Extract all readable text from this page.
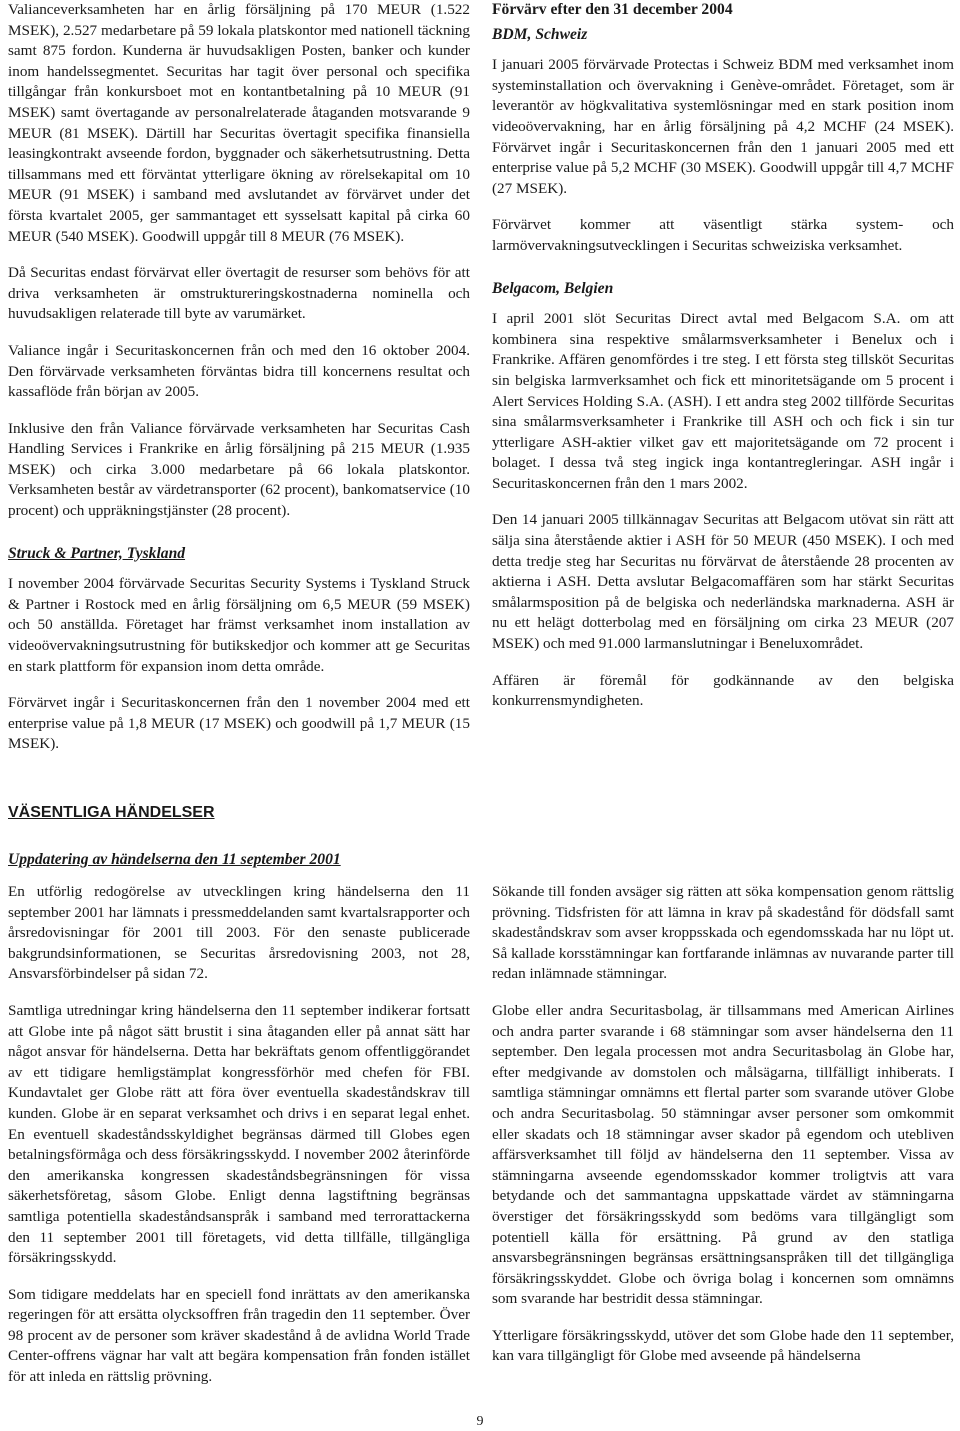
Valianceverksamheten har en årlig försäljning på 170 MEUR (1.522 MSEK), 2.527 medarbetare på 59 lokala platskontor med nationell täckning samt 875 fordon. Kunderna är huvudsakligen Posten, banker och kunder inom handelssegmentet. Securitas har tagit över personal och specifika tillgångar från konkursboet mot en kontantbetalning på 10 MEUR (91 MSEK) samt övertagande av personalrelaterade åtaganden motsvarande 9 MEUR (81 MSEK). Därtill har Securitas övertagit specifika finansiella leasingkontrakt avseende fordon, byggnader och säkerhetsutrustning. Detta tillsammans med ett förväntat ytterligare ökning av rörelsekapital om 10 MEUR (91 MSEK) i samband med avslutandet av förvärvet under det första kvartalet 2005, ger sammantaget ett sysselsatt kapital på cirka 60 MEUR (540 MSEK). Goodwill uppgår till 8 MEUR (76 MSEK).

Då Securitas endast förvärvat eller övertagit de resurser som behövs för att driva verksamheten är omstruktureringskostnaderna nominella och huvudsakligen relaterade till byte av varumärket.

Valiance ingår i Securitaskoncernen från och med den 16 oktober 2004. Den förvärvade verksamheten förväntas bidra till koncernens resultat och kassaflöde från början av 2005.

Inklusive den från Valiance förvärvade verksamheten har Securitas Cash Handling Services i Frankrike en årlig försäljning på 215 MEUR (1.935 MSEK) och cirka 3.000 medarbetare på 66 lokala platskontor. Verksamheten består av värdetransporter (62 procent), bankomatservice (10 procent) och uppräkningstjänster (28 procent).

Struck & Partner, Tyskland

I november 2004 förvärvade Securitas Security Systems i Tyskland Struck & Partner i Rostock med en årlig försäljning om 6,5 MEUR (59 MSEK) och 50 anställda. Företaget har främst verksamhet inom installation av videoövervakningsutrustning för butikskedjor och kommer att ge Securitas en stark plattform för expansion inom detta område.

Förvärvet ingår i Securitaskoncernen från den 1 november 2004 med ett enterprise value på 1,8 MEUR (17 MSEK) och goodwill på 1,7 MEUR (15 MSEK).

Förvärv efter den 31 december 2004
BDM, Schweiz

I januari 2005 förvärvade Protectas i Schweiz BDM med verksamhet inom systeminstallation och övervakning i Genève-området. Företaget, som är leverantör av högkvalitativa systemlösningar med en stark position inom videoövervakning, har en årlig försäljning på 4,2 MCHF (24 MSEK). Förvärvet ingår i Securitaskoncernen från den 1 januari 2005 med ett enterprise value på 5,2 MCHF (30 MSEK). Goodwill uppgår till 4,7 MCHF (27 MSEK).

Förvärvet kommer att väsentligt stärka system- och larmövervakningsutvecklingen i Securitas schweiziska verksamhet.

Belgacom, Belgien

I april 2001 slöt Securitas Direct avtal med Belgacom S.A. om att kombinera sina respektive smålarmsverksamheter i Benelux och i Frankrike. Affären genomfördes i tre steg. I ett första steg tillsköt Securitas sin belgiska larmverksamhet och fick ett minoritetsägande om 5 procent i Alert Services Holding S.A. (ASH). I ett andra steg 2002 tillförde Securitas sina smålarmsverksamheter i Frankrike till ASH och och fick i sin tur ytterligare ASH-aktier vilket gav ett majoritetsägande om 72 procent i bolaget. I dessa två steg ingick inga kontantregleringar. ASH ingår i Securitaskoncernen från den 1 mars 2002.

Den 14 januari 2005 tillkännagav Securitas att Belgacom utövat sin rätt att sälja sina återstående aktier i ASH för 50 MEUR (450 MSEK). I och med detta tredje steg har Securitas nu förvärvat de återstående 28 procenten av aktierna i ASH. Detta avslutar Belgacomaffären som har stärkt Securitas smålarmsposition på de belgiska och nederländska marknaderna. ASH är nu ett helägt dotterbolag med en försäljning om cirka 23 MEUR (207 MSEK) och med 91.000 larmanslutningar i Beneluxområdet.

Affären är föremål för godkännande av den belgiska konkurrensmyndigheten.

VÄSENTLIGA HÄNDELSER
Uppdatering av händelserna den 11 september 2001

En utförlig redogörelse av utvecklingen kring händelserna den 11 september 2001 har lämnats i pressmeddelanden samt kvartalsrapporter och årsredovisningar för 2001 till 2003. För den senaste publicerade bakgrundsinformationen, se Securitas årsredovisning 2003, not 28, Ansvarsförbindelser på sidan 72.

Samtliga utredningar kring händelserna den 11 september indikerar fortsatt att Globe inte på något sätt brustit i sina åtaganden eller på annat sätt har något ansvar för händelserna. Detta har bekräftats genom offentliggörandet av ett tidigare hemligstämplat kongressförhör med chefen för FBI. Kundavtalet ger Globe rätt att föra över eventuella skadeståndskrav till kunden. Globe är en separat verksamhet och drivs i en separat legal enhet. En eventuell skadeståndsskyldighet begränsas därmed till Globes egen betalningsförmåga och dess försäkringsskydd. I november 2002 återinförde den amerikanska kongressen skadeståndsbegränsningen för vissa säkerhetsföretag, såsom Globe. Enligt denna lagstiftning begränsas samtliga potentiella skadeståndsanspråk i samband med terrorattackerna den 11 september 2001 till företagets, vid detta tillfälle, tillgängliga försäkringsskydd.

Som tidigare meddelats har en speciell fond inrättats av den amerikanska regeringen för att ersätta olycksoffren från tragedin den 11 september. Över 98 procent av de personer som kräver skadestånd å de avlidna World Trade Center-offrens vägnar har valt att begära kompensation från fonden istället för att inleda en rättslig prövning.

Sökande till fonden avsäger sig rätten att söka kompensation genom rättslig prövning. Tidsfristen för att lämna in krav på skadestånd för dödsfall samt skadeståndskrav som avser kroppsskada och egendomsskada har nu löpt ut. Så kallade korsstämningar kan fortfarande inlämnas av nuvarande parter till redan inlämnade stämningar.

Globe eller andra Securitasbolag, är tillsammans med American Airlines och andra parter svarande i 68 stämningar som avser händelserna den 11 september. Den legala processen mot andra Securitasbolag än Globe har, efter medgivande av domstolen och målsägarna, tillfälligt inhiberats. I samtliga stämningar omnämns ett flertal parter som svarande utöver Globe och andra Securitasbolag. 50 stämningar avser personer som omkommit eller skadats och 18 stämningar avser skador på egendom och utebliven affärsverksamhet till följd av händelserna den 11 september. Vissa av stämningarna avseende egendomsskador kommer troligtvis att vara betydande och det sammantagna uppskattade värdet av stämningarna överstiger det försäkringsskydd som bedöms vara tillgängligt som potentiell källa för ersättning. På grund av den statliga ansvarsbegränsningen begränsas ersättningsanspråken till det tillgängliga försäkringsskyddet. Globe och övriga bolag i koncernen som omnämns som svarande har bestridit dessa stämningar.

Ytterligare försäkringsskydd, utöver det som Globe hade den 11 september, kan vara tillgängligt för Globe med avseende på händelserna

9
